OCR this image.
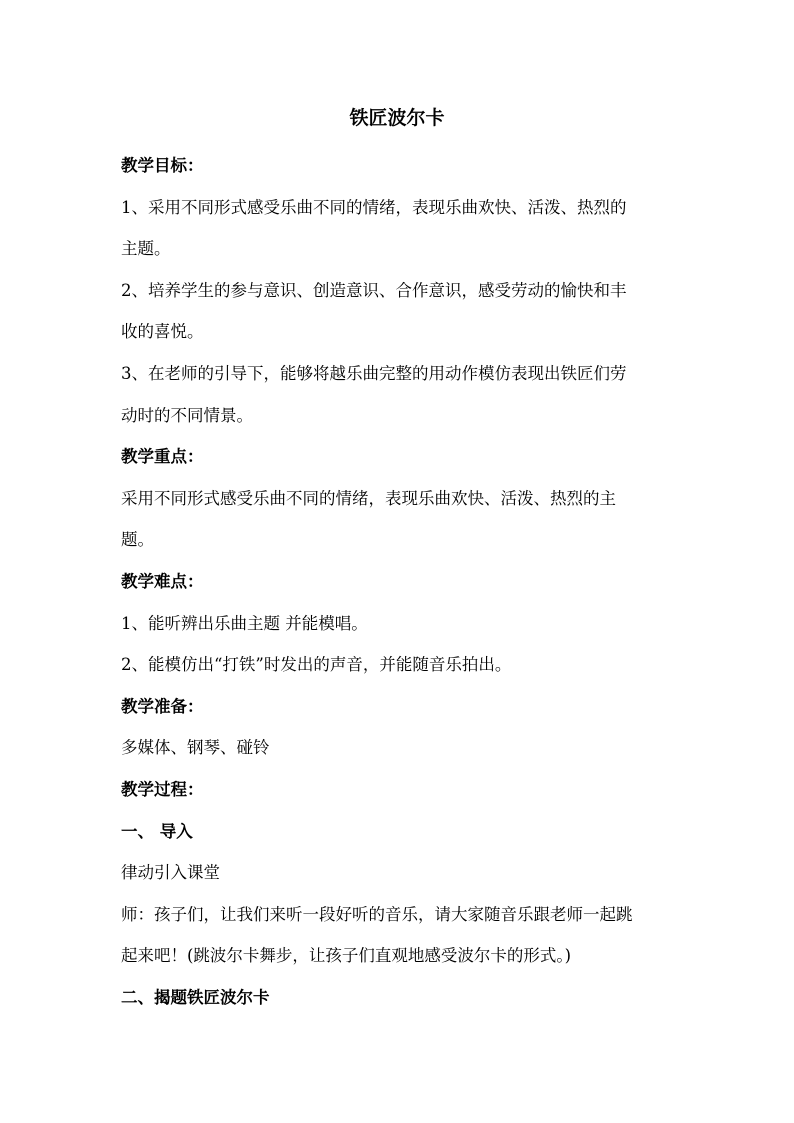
铁匠波尔卡
教学目标：
1、采用不同形式感受乐曲不同的情绪，表现乐曲欢快、活泼、热烈的
主题。
2、培养学生的参与意识、创造意识、合作意识，感受劳动的愉快和丰
收的喜悦。
3、在老师的引导下，能够将越乐曲完整的用动作模仿表现出铁匠们劳
动时的不同情景。
教学重点：
采用不同形式感受乐曲不同的情绪，表现乐曲欢快、活泼、热烈的主
题。
教学难点：
1、能听辨出乐曲主题 并能模唱。
2、能模仿出“打铁”时发出的声音，并能随音乐拍出。
教学准备：
多媒体、钢琴、碰铃
教学过程：
一、 导入
律动引入课堂
师：孩子们，让我们来听一段好听的音乐，请大家随音乐跟老师一起跳
起来吧！(跳波尔卡舞步，让孩子们直观地感受波尔卡的形式。)
二、揭题铁匠波尔卡
